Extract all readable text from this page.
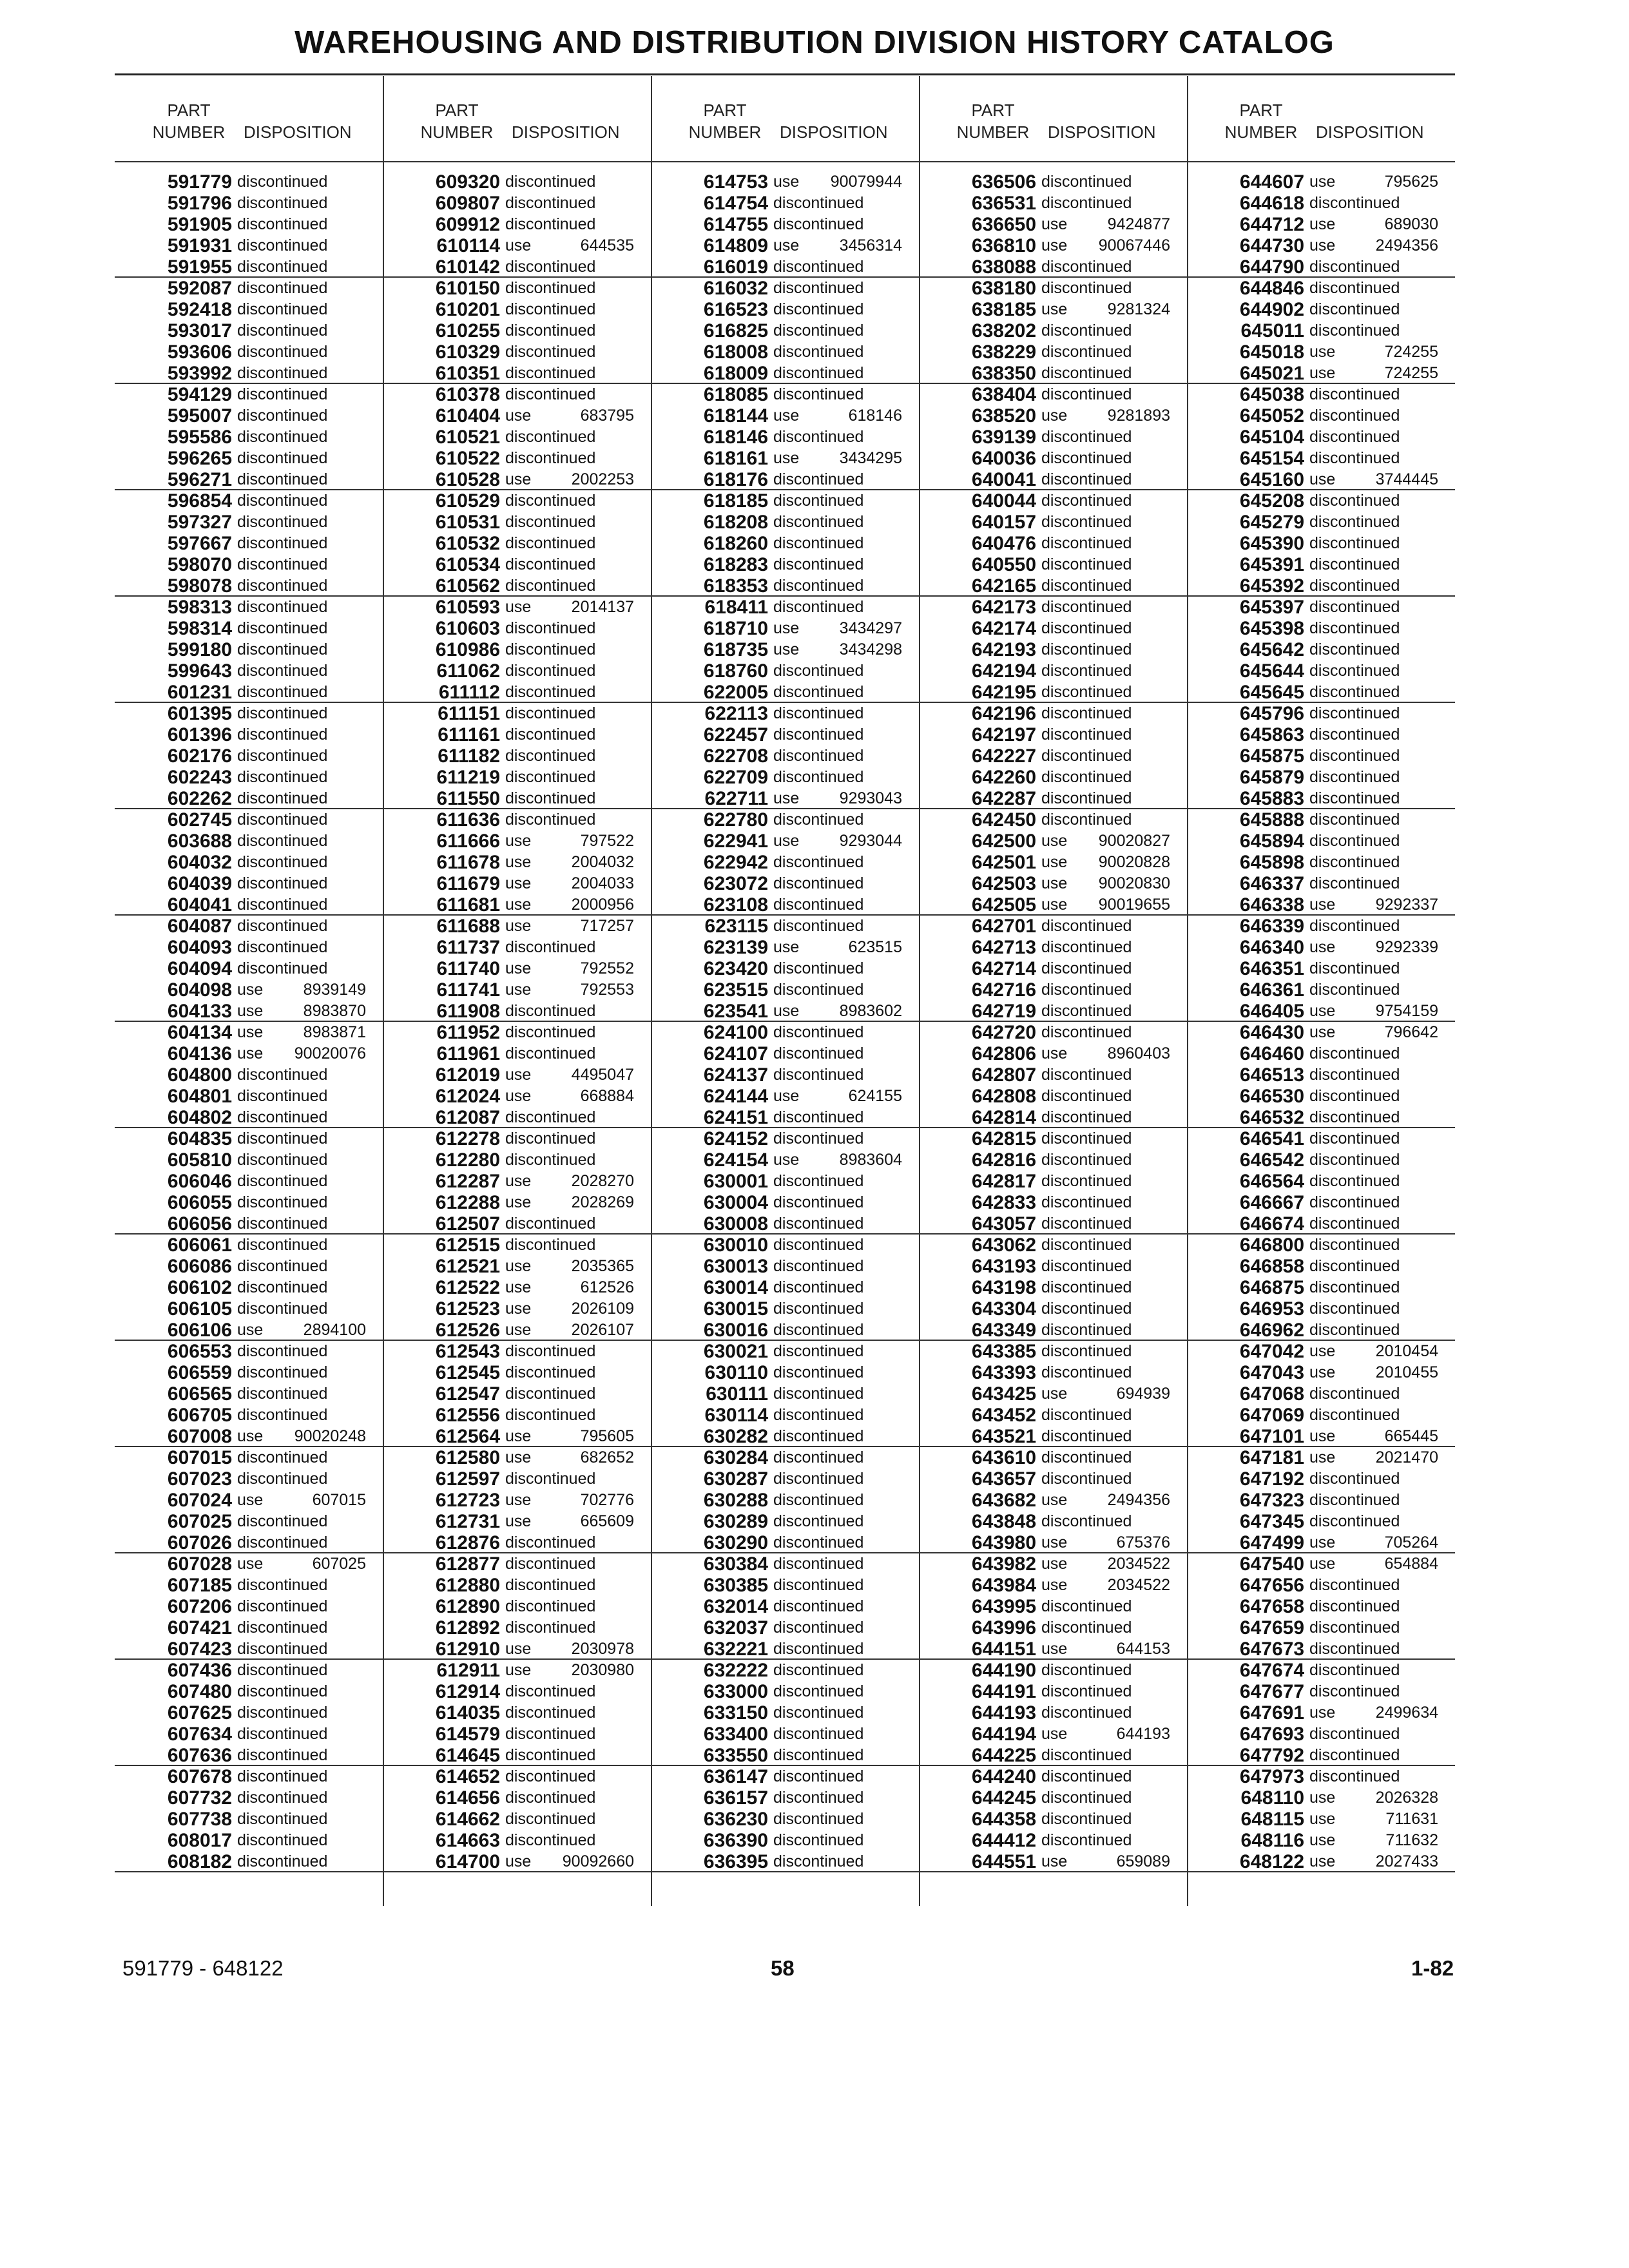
WAREHOUSING AND DISTRIBUTION DIVISION HISTORY CATALOG
PART
NUMBER	DISPOSITION
591779 discontinued
591796 discontinued
591905 discontinued
591931 discontinued
591955 discontinued
592087 discontinued
592418 discontinued
593017 discontinued
593606 discontinued
593992 discontinued
594129 discontinued
595007 discontinued
595586 discontinued
596265 discontinued
596271 discontinued
596854 discontinued
597327 discontinued
597667 discontinued
598070 discontinued
598078 discontinued
598313 discontinued
598314 discontinued
599180 discontinued
599643 discontinued
601231 discontinued
601395 discontinued
601396 discontinued
602176 discontinued
602243 discontinued
602262 discontinued
602745 discontinued
603688 discontinued
604032 discontinued
604039 discontinued
604041 discontinued
604087 discontinued
604093 discontinued
604094 discontinued
604098 use 8939149
604133 use 8983870
604134 use 8983871
604136 use 90020076
604800 discontinued
604801 discontinued
604802 discontinued
604835 discontinued
605810 discontinued
606046 discontinued
606055 discontinued
606056 discontinued
606061 discontinued
606086 discontinued
606102 discontinued
606105 discontinued
606106 use 2894100
606553 discontinued
606559 discontinued
606565 discontinued
606705 discontinued
607008 use 90020248
607015 discontinued
607023 discontinued
607024 use	607015
607025 discontinued
607026 discontinued
607028 use	607025
607185 discontinued
607206 discontinued
607421 discontinued
607423 discontinued
607436 discontinued
607480 discontinued
607625 discontinued
607634 discontinued
607636 discontinued
607678 discontinued
607732 discontinued
607738 discontinued
608017 discontinued
608182 discontinued
PART
NUMBER	DISPOSITION
609320 discontinued
609807 discontinued
609912 discontinued
610114 use	644535
610142 discontinued
610150 discontinued
610201 discontinued
610255 discontinued
610329 discontinued
610351 discontinued
610378 discontinued
610404 use	683795
610521 discontinued
610522 discontinued
610528 use 2002253
610529 discontinued
610531 discontinued
610532 discontinued
610534 discontinued
610562 discontinued
610593 use 2014137
610603 discontinued
610986 discontinued
611062 discontinued
611112 discontinued
611151 discontinued
611161 discontinued
611182 discontinued
611219 discontinued
611550 discontinued
611636 discontinued
611666 use	797522
611678 use 2004032
611679 use 2004033
611681 use 2000956
611688 use	717257
611737 discontinued
611740 use	792552
611741 use	792553
611908 discontinued
611952 discontinued
611961 discontinued
612019 use 4495047
612024 use	668884
612087 discontinued
612278 discontinued
612280 discontinued
612287 use 2028270
612288 use 2028269
612507 discontinued
612515 discontinued
612521 use 2035365
612522 use	612526
612523 use 2026109
612526 use 2026107
612543 discontinued
612545 discontinued
612547 discontinued
612556 discontinued
612564 use	795605
612580 use	682652
612597 discontinued
612723 use	702776
612731 use	665609
612876 discontinued
612877 discontinued
612880 discontinued
612890 discontinued
612892 discontinued
612910 use 2030978
612911 use 2030980
612914 discontinued
614035 discontinued
614579 discontinued
614645 discontinued
614652 discontinued
614656 discontinued
614662 discontinued
614663 discontinued
614700 use 90092660
PART
NUMBER	DISPOSITION
614753 use 90079944
614754 discontinued
614755 discontinued
614809 use 3456314
616019 discontinued
616032 discontinued
616523 discontinued
616825 discontinued
618008 discontinued
618009 discontinued
618085 discontinued
618144 use	618146
618146 discontinued
618161 use 3434295
618176 discontinued
618185 discontinued
618208 discontinued
618260 discontinued
618283 discontinued
618353 discontinued
618411 discontinued
618710 use 3434297
618735 use 3434298
618760 discontinued
622005 discontinued
622113 discontinued
622457 discontinued
622708 discontinued
622709 discontinued
622711 use 9293043
622780 discontinued
622941 use 9293044
622942 discontinued
623072 discontinued
623108 discontinued
623115 discontinued
623139 use	623515
623420 discontinued
623515 discontinued
623541 use 8983602
624100 discontinued
624107 discontinued
624137 discontinued
624144 use	624155
624151 discontinued
624152 discontinued
624154 use 8983604
630001 discontinued
630004 discontinued
630008 discontinued
630010 discontinued
630013 discontinued
630014 discontinued
630015 discontinued
630016 discontinued
630021 discontinued
630110 discontinued
630111 discontinued
630114 discontinued
630282 discontinued
630284 discontinued
630287 discontinued
630288 discontinued
630289 discontinued
630290 discontinued
630384 discontinued
630385 discontinued
632014 discontinued
632037 discontinued
632221 discontinued
632222 discontinued
633000 discontinued
633150 discontinued
633400 discontinued
633550 discontinued
636147 discontinued
636157 discontinued
636230 discontinued
636390 discontinued
636395 discontinued
PART
NUMBER	DISPOSITION
636506 discontinued
636531 discontinued
636650 use 9424877
636810 use 90067446
638088 discontinued
638180 discontinued
638185 use 9281324
638202 discontinued
638229 discontinued
638350 discontinued
638404 discontinued
638520 use 9281893
639139 discontinued
640036 discontinued
640041 discontinued
640044 discontinued
640157 discontinued
640476 discontinued
640550 discontinued
642165 discontinued
642173 discontinued
642174 discontinued
642193 discontinued
642194 discontinued
642195 discontinued
642196 discontinued
642197 discontinued
642227 discontinued
642260 discontinued
642287 discontinued
642450 discontinued
642500 use 90020827
642501 use 90020828
642503 use 90020830
642505 use 90019655
642701 discontinued
642713 discontinued
642714 discontinued
642716 discontinued
642719 discontinued
642720 discontinued
642806 use 8960403
642807 discontinued
642808 discontinued
642814 discontinued
642815 discontinued
642816 discontinued
642817 discontinued
642833 discontinued
643057 discontinued
643062 discontinued
643193 discontinued
643198 discontinued
643304 discontinued
643349 discontinued
643385 discontinued
643393 discontinued
643425 use	694939
643452 discontinued
643521 discontinued
643610 discontinued
643657 discontinued
643682 use 2494356
643848 discontinued
643980 use	675376
643982 use 2034522
643984 use 2034522
643995 discontinued
643996 discontinued
644151 use	644153
644190 discontinued
644191 discontinued
644193 discontinued
644194 use	644193
644225 discontinued
644240 discontinued
644245 discontinued
644358 discontinued
644412 discontinued
644551 use	659089
PART
NUMBER	DISPOSITION
644607 use	795625
644618 discontinued
644712 use	689030
644730 use 2494356
644790 discontinued
644846 discontinued
644902 discontinued
645011 discontinued
645018 use	724255
645021 use	724255
645038 discontinued
645052 discontinued
645104 discontinued
645154 discontinued
645160 use 3744445
645208 discontinued
645279 discontinued
645390 discontinued
645391 discontinued
645392 discontinued
645397 discontinued
645398 discontinued
645642 discontinued
645644 discontinued
645645 discontinued
645796 discontinued
645863 discontinued
645875 discontinued
645879 discontinued
645883 discontinued
645888 discontinued
645894 discontinued
645898 discontinued
646337 discontinued
646338 use 9292337
646339 discontinued
646340 use 9292339
646351 discontinued
646361 discontinued
646405 use 9754159
646430 use	796642
646460 discontinued
646513 discontinued
646530 discontinued
646532 discontinued
646541 discontinued
646542 discontinued
646564 discontinued
646667 discontinued
646674 discontinued
646800 discontinued
646858 discontinued
646875 discontinued
646953 discontinued
646962 discontinued
647042 use 2010454
647043 use 2010455
647068 discontinued
647069 discontinued
647101 use	665445
647181 use 2021470
647192 discontinued
647323 discontinued
647345 discontinued
647499 use	705264
647540 use	654884
647656 discontinued
647658 discontinued
647659 discontinued
647673 discontinued
647674 discontinued
647677 discontinued
647691 use 2499634
647693 discontinued
647792 discontinued
647973 discontinued
648110 use 2026328
648115 use	711631
648116 use	711632
648122 use 2027433
591779 - 648122	58	1-82
